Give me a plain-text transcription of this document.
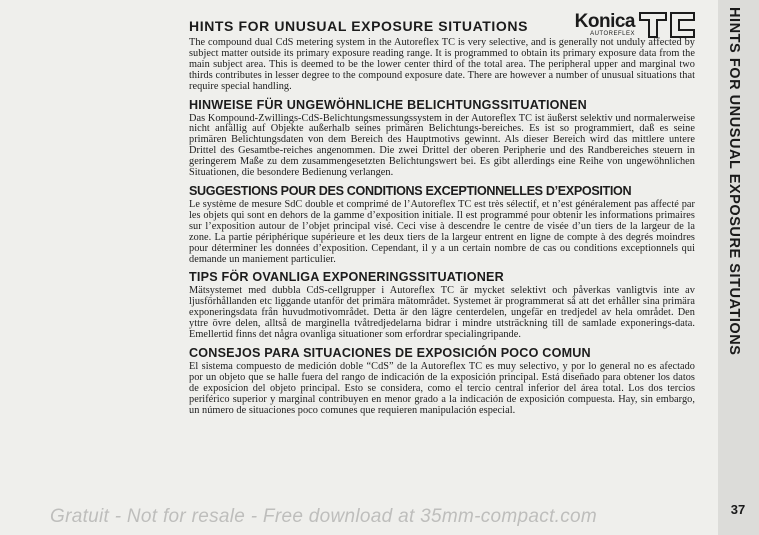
HINTS FOR UNUSUAL EXPOSURE SITUATIONS Konica
AUTOREFLEX

The compound dual CdS metering system in the Autoreflex TC is very selective, and is generally not unduly affected by subject matter outside its primary exposure reading range. It is programmed to obtain its primary exposure data from the main subject area. This is deemed to be the lower center third of the total area. The peripheral upper and marginal two thirds contributes in lesser degree to the compound exposure date. There are however a number of unusual situations that require special handling.

HINWEISE FÜR UNGEWÖHNLICHE BELICHTUNGSSITUATIONEN

Das Kompound-Zwillings-CdS-Belichtungsmessungssystem in der Autoreflex TC ist äußerst selektiv und normalerweise nicht anfällig auf Objekte außerhalb seines primären Belichtungs-bereiches. Es ist so programmiert, daß es seine primären Belichtungsdaten von dem Bereich des Hauptmotivs gewinnt. Als dieser Bereich wird das mittlere untere Drittel des Gesamtbe-reiches angenommen. Die zwei Drittel der oberen Peripherie und des Randbereiches steuern in geringerem Maße zu dem zusammengesetzten Belichtungswert bei. Es gibt allerdings eine Reihe von ungewöhnlichen Situationen, die besondere Bedienung verlangen.

SUGGESTIONS POUR DES CONDITIONS EXCEPTIONNELLES D’EXPOSITION

Le système de mesure SdC double et comprimé de l’Autoreflex TC est très sélectif, et n’est généralement pas affecté par les objets qui sont en dehors de la gamme d’exposition initiale. Il est programmé pour obtenir les informations primaires sur l’exposition autour de l’objet principal visé. Ceci vise à descendre le centre de visée d’un tiers de la largeur de la zone. La partie périphérique supérieure et les deux tiers de la largeur entrent en ligne de compte à des degrés moindres pour déterminer les données d’exposition. Cependant, il y a un certain nombre de cas ou conditions exceptionnels qui demande un maniement particulier.

TIPS FÖR OVANLIGA EXPONERINGSSITUATIONER

Mätsystemet med dubbla CdS-cellgrupper i Autoreflex TC är mycket selektivt och påverkas vanligtvis inte av ljusförhållanden etc liggande utanför det primära mätområdet. Systemet är programmerat så att det erhåller sina primära exponeringsdata från huvudmotivområdet. Detta är den lägre centerdelen, ungefär en tredjedel av hela området. Den yttre övre delen, alltså de marginella tvåtredjedelarna bidrar i mindre utsträckning till de samlade exponerings-data. Emellertid finns det några ovanliga situationer som erfordrar specialingripande.

CONSEJOS PARA SITUACIONES DE EXPOSICIÓN POCO COMUN

El sistema compuesto de medición doble “CdS” de la Autoreflex TC es muy selectivo, y por lo general no es afectado por un objeto que se halle fuera del rango de indicación de la exposición principal. Está diseñado para obtener los datos de exposicion del objeto principal. Esto se considera, como el tercio central inferior del área total. Los dos tercios periférico superior y marginal contribuyen en menor grado a la indicación de exposición compuesta. Hay, sin embargo, un número de situaciones poco comunes que requieren manipulación especial.

HINTS FOR UNUSUAL EXPOSURE SITUATIONS
37
Gratuit - Not for resale - Free download at 35mm-compact.com
